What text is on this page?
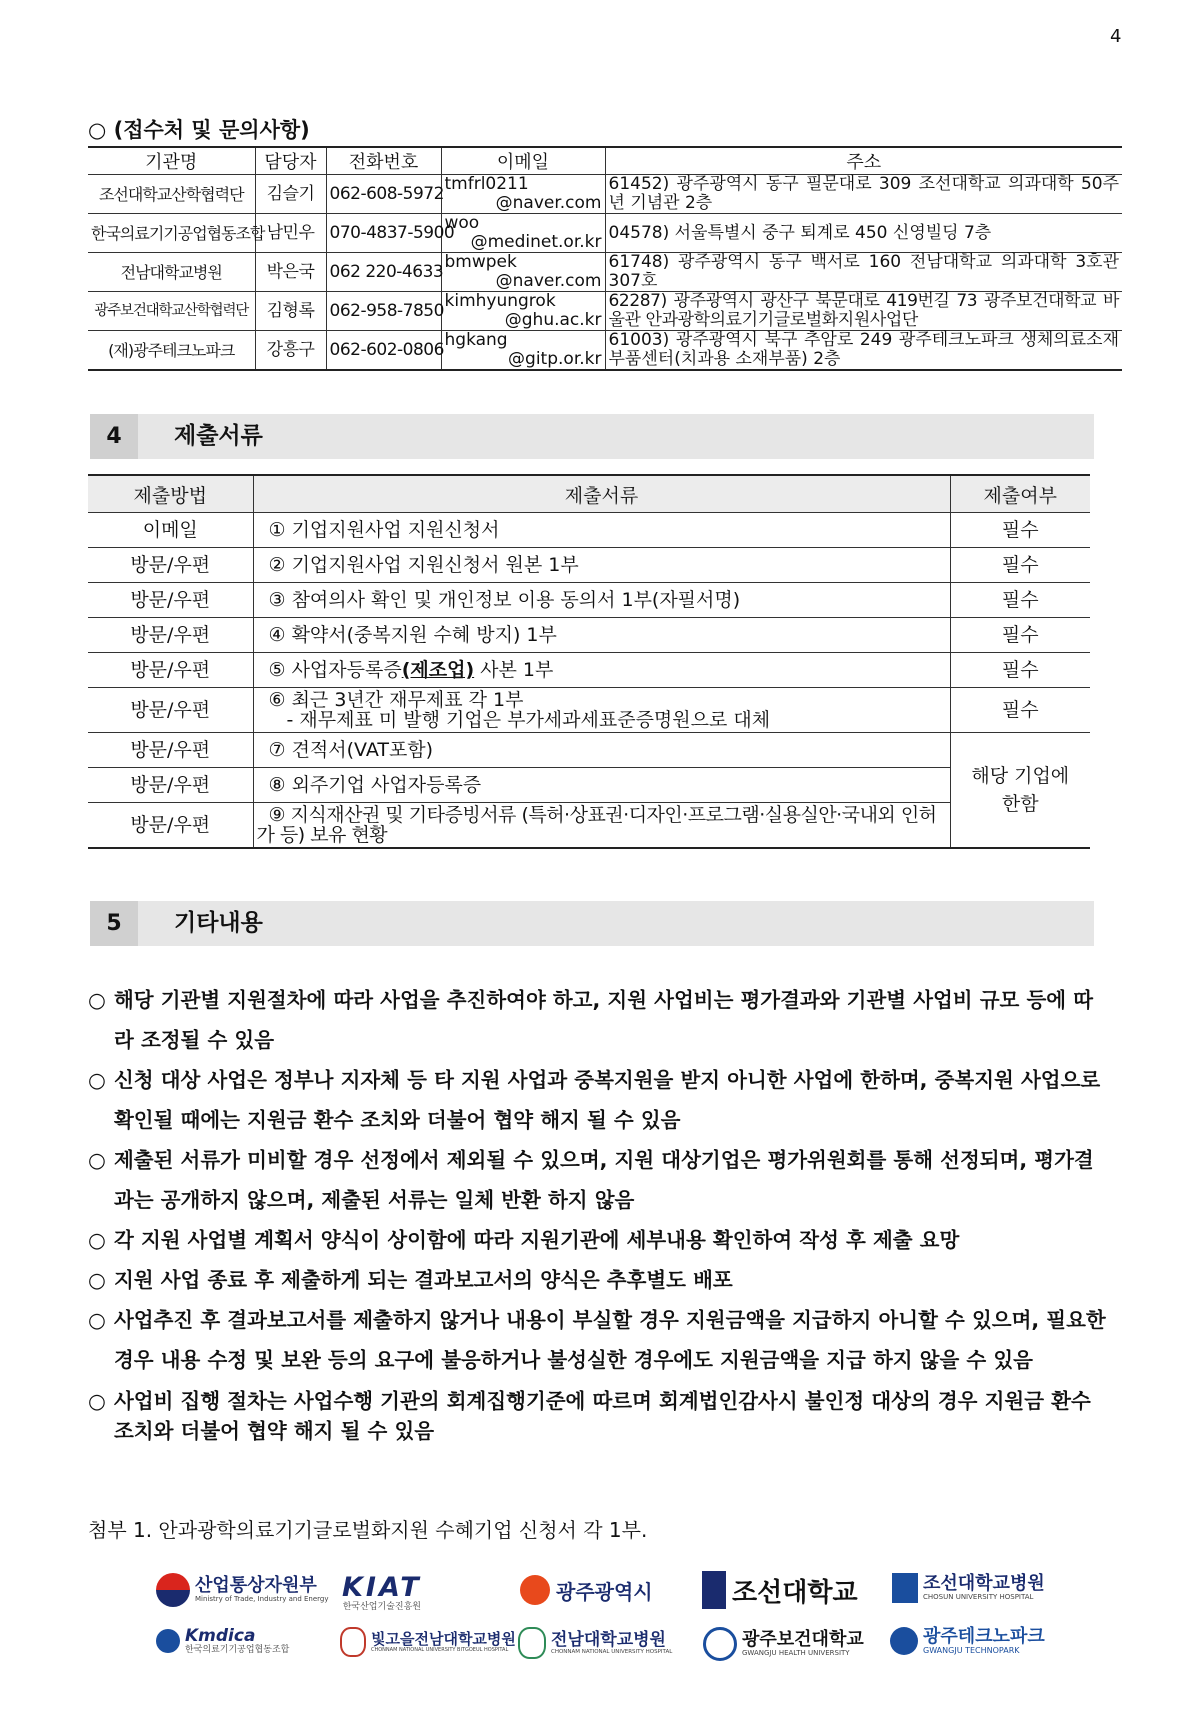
4
○ (접수처 및 문의사항)
기관명	담당자	전화번호	이메일	주소
조선대학교산학협력단	김슬기	062-608-5972	tmfrl0211
@naver.com	61452) 광주광역시 동구 필문대로 309 조선대학교 의과대학 50주년 기념관 2층
한국의료기기공업협동조합	남민우	070-4837-5900	woo
@medinet.or.kr	04578) 서울특별시 중구 퇴계로 450 신영빌딩 7층
전남대학교병원	박은국	062 220-4633	bmwpek
@naver.com	61748) 광주광역시 동구 백서로 160 전남대학교 의과대학 3호관 307호
광주보건대학교산학협력단	김형록	062-958-7850	kimhyungrok
@ghu.ac.kr	62287) 광주광역시 광산구 북문대로 419번길 73 광주보건대학교 바울관 안과광학의료기기글로벌화지원사업단
(재)광주테크노파크	강흥구	062-602-0806	hgkang
@gitp.or.kr	61003) 광주광역시 북구 추암로 249 광주테크노파크 생체의료소재부품센터(치과용 소재부품) 2층
4	제출서류
제출방법	제출서류	제출여부
이메일	① 기업지원사업 지원신청서	필수
방문/우편	② 기업지원사업 지원신청서 원본 1부	필수
방문/우편	③ 참여의사 확인 및 개인정보 이용 동의서 1부(자필서명)	필수
방문/우편	④ 확약서(중복지원 수혜 방지) 1부	필수
방문/우편	⑤ 사업자등록증(제조업) 사본 1부	필수
방문/우편	⑥ 최근 3년간 재무제표 각 1부
- 재무제표 미 발행 기업은 부가세과세표준증명원으로 대체	필수
방문/우편	⑦ 견적서(VAT포함)	해당 기업에 한함
방문/우편	⑧ 외주기업 사업자등록증	

방문/우편	⑨ 지식재산권 및 기타증빙서류 (특허·상표권·디자인·프로그램·실용실안·국내외 인허가 등) 보유 현황	
5	기타내용

○ 해당 기관별 지원절차에 따라 사업을 추진하여야 하고, 지원 사업비는 평가결과와 기관별 사업비 규모 등에 따라 조정될 수 있음

○ 신청 대상 사업은 정부나 지자체 등 타 지원 사업과 중복지원을 받지 아니한 사업에 한하며, 중복지원 사업으로 확인될 때에는 지원금 환수 조치와 더불어 협약 해지 될 수 있음

○ 제출된 서류가 미비할 경우 선정에서 제외될 수 있으며, 지원 대상기업은 평가위원회를 통해 선정되며, 평가결과는 공개하지 않으며, 제출된 서류는 일체 반환 하지 않음

○ 각 지원 사업별 계획서 양식이 상이함에 따라 지원기관에 세부내용 확인하여 작성 후 제출 요망

○ 지원 사업 종료 후 제출하게 되는 결과보고서의 양식은 추후별도 배포

○ 사업추진 후 결과보고서를 제출하지 않거나 내용이 부실할 경우 지원금액을 지급하지 아니할 수 있으며, 필요한 경우 내용 수정 및 보완 등의 요구에 불응하거나 불성실한 경우에도 지원금액을 지급 하지 않을 수 있음

○ 사업비 집행 절차는 사업수행 기관의 회계집행기준에 따르며 회계법인감사시 불인정 대상의 경우 지원금 환수 조치와 더불어 협약 해지 될 수 있음

첨부 1. 안과광학의료기기글로벌화지원 수혜기업 신청서 각 1부.
산업통상자원부
Ministry of Trade, Industry and Energy KIAT
한국산업기술진흥원
광주광역시	조선대학교	조선대학교병원
CHOSUN UNIVERSITY HOSPITAL
Kmdica
한국의료기기공업협동조합
빛고을전남대학교병원
CHONNAM NATIONAL UNIVERSITY BITGOEUL HOSPITAL	전남대학교병원
CHONNAM NATIONAL UNIVERSITY HOSPITAL
광주보건대학교
GWANGJU HEALTH UNIVERSITY
광주테크노파크
GWANGJU TECHNOPARK
